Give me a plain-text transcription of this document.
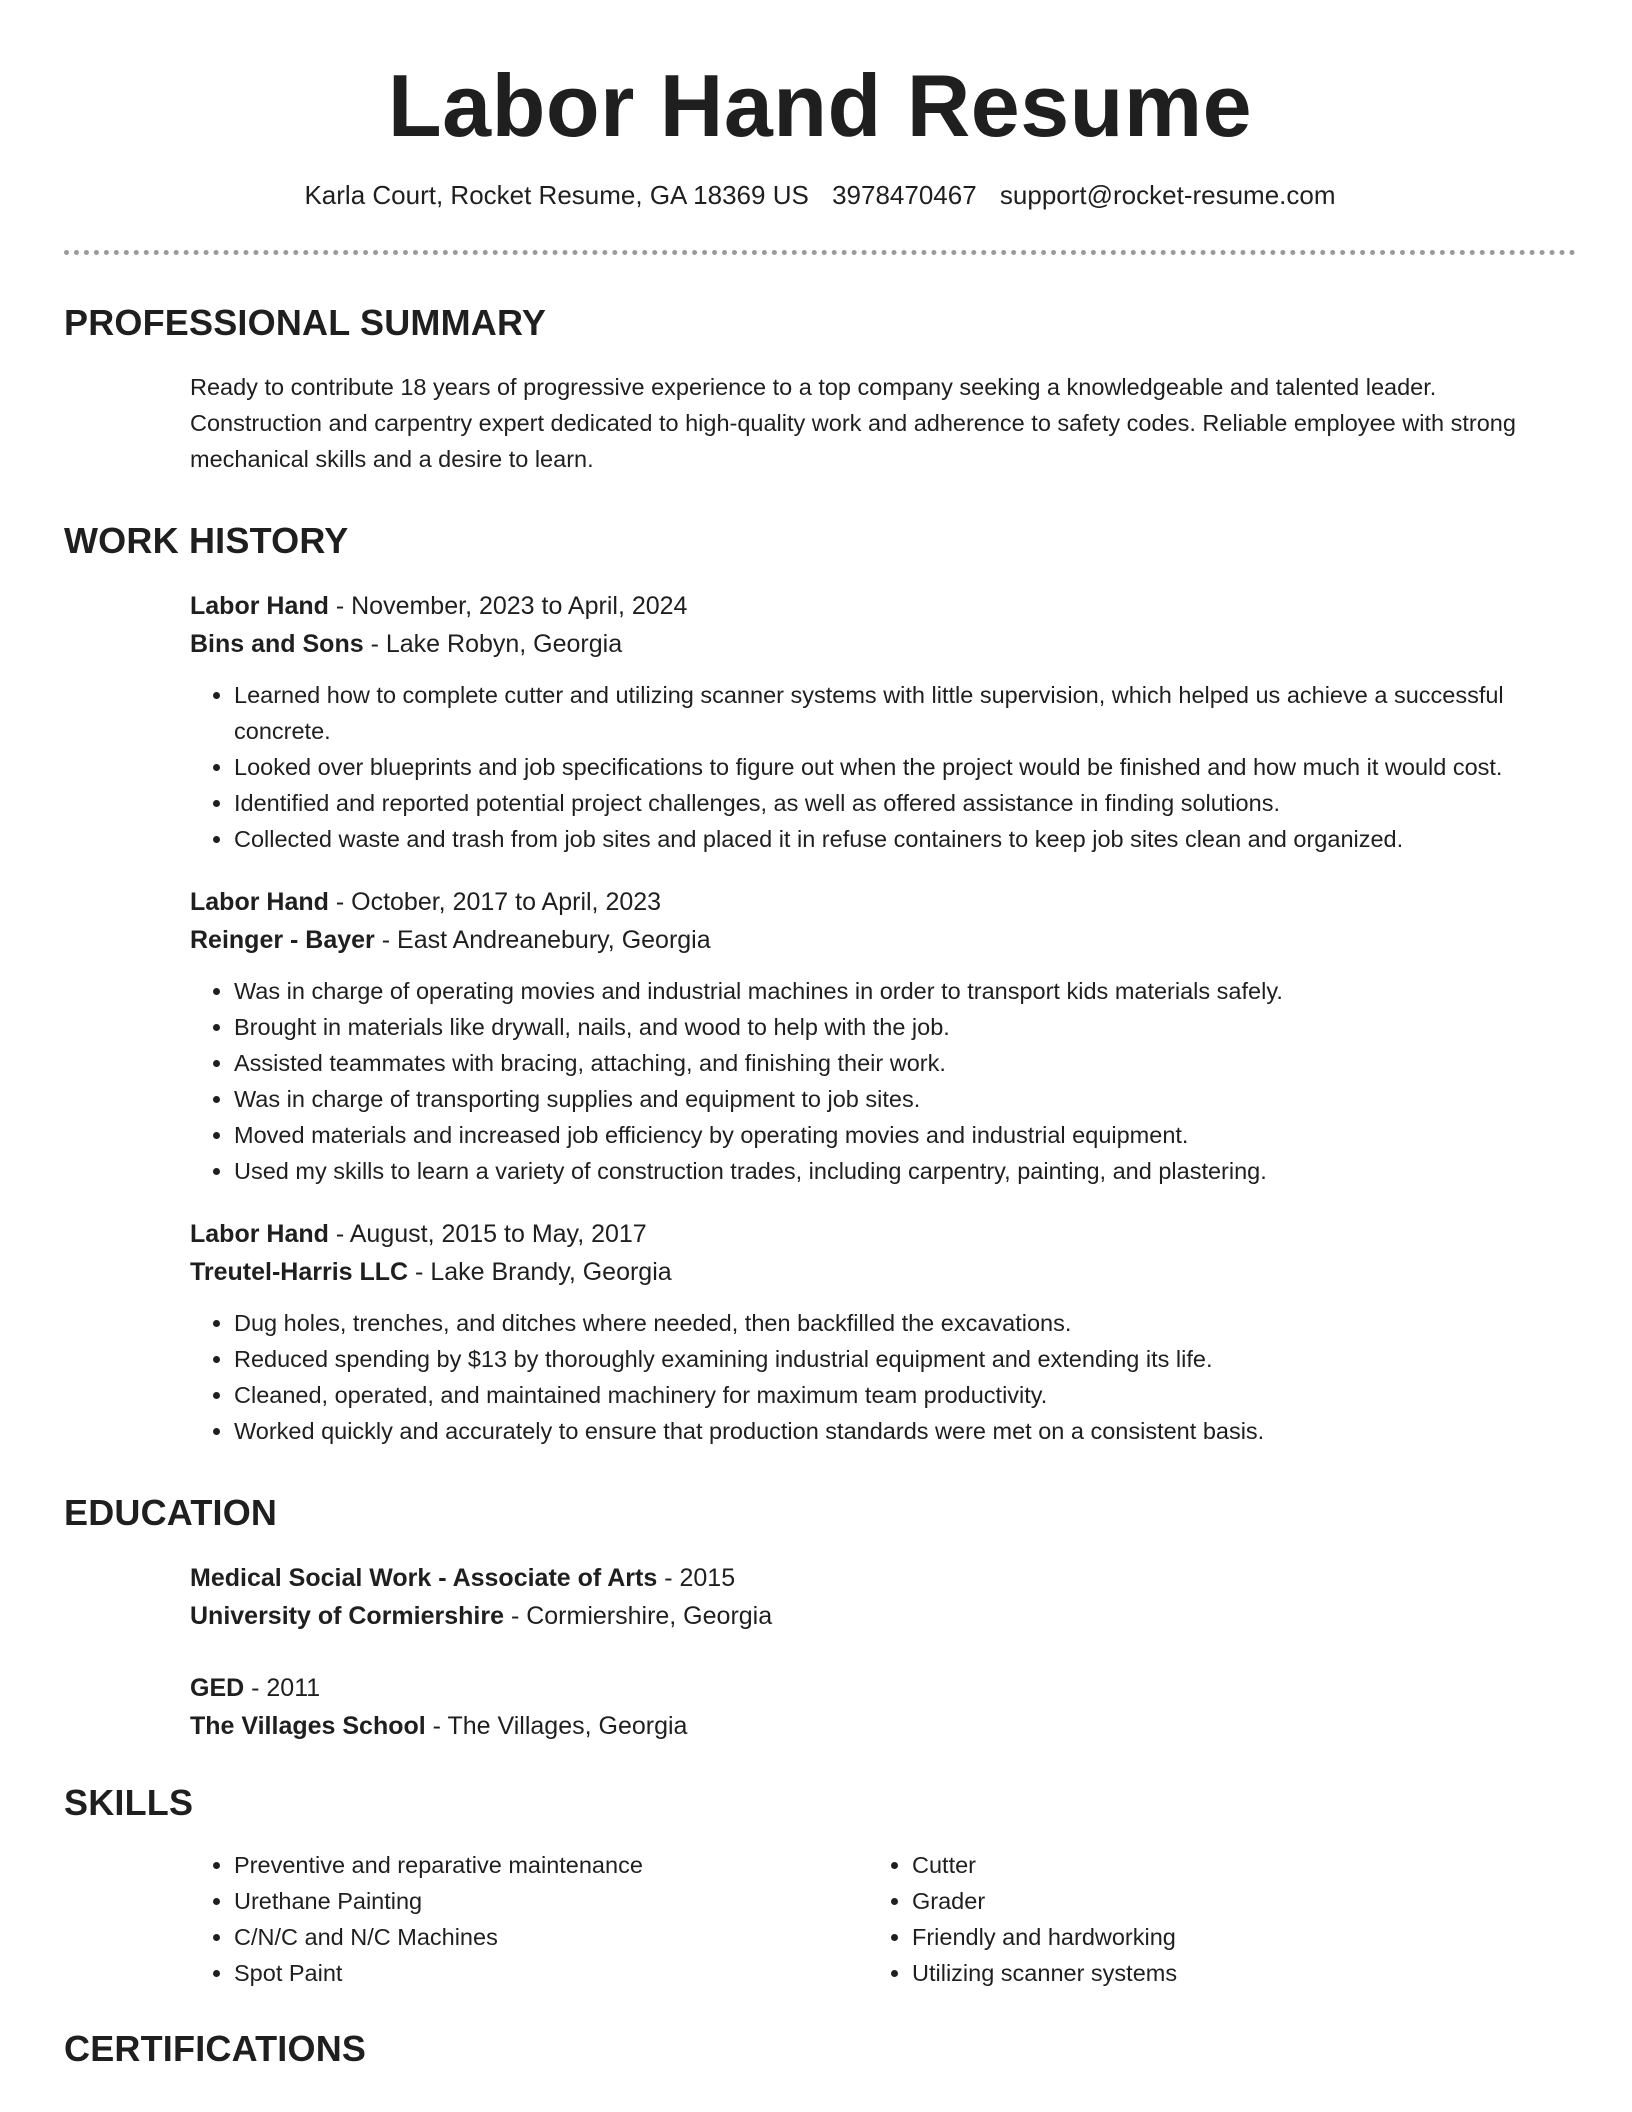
Labor Hand Resume
Karla Court, Rocket Resume, GA 18369 US 3978470467 support@rocket-resume.com
PROFESSIONAL SUMMARY
Ready to contribute 18 years of progressive experience to a top company seeking a knowledgeable and talented leader. Construction and carpentry expert dedicated to high-quality work and adherence to safety codes. Reliable employee with strong mechanical skills and a desire to learn.
WORK HISTORY
Labor Hand - November, 2023 to April, 2024
Bins and Sons - Lake Robyn, Georgia
• Learned how to complete cutter and utilizing scanner systems with little supervision, which helped us achieve a successful concrete.
• Looked over blueprints and job specifications to figure out when the project would be finished and how much it would cost.
• Identified and reported potential project challenges, as well as offered assistance in finding solutions.
• Collected waste and trash from job sites and placed it in refuse containers to keep job sites clean and organized.
Labor Hand - October, 2017 to April, 2023
Reinger - Bayer - East Andreanebury, Georgia
• Was in charge of operating movies and industrial machines in order to transport kids materials safely.
• Brought in materials like drywall, nails, and wood to help with the job.
• Assisted teammates with bracing, attaching, and finishing their work.
• Was in charge of transporting supplies and equipment to job sites.
• Moved materials and increased job efficiency by operating movies and industrial equipment.
• Used my skills to learn a variety of construction trades, including carpentry, painting, and plastering.
Labor Hand - August, 2015 to May, 2017
Treutel-Harris LLC - Lake Brandy, Georgia
• Dug holes, trenches, and ditches where needed, then backfilled the excavations.
• Reduced spending by $13 by thoroughly examining industrial equipment and extending its life.
• Cleaned, operated, and maintained machinery for maximum team productivity.
• Worked quickly and accurately to ensure that production standards were met on a consistent basis.
EDUCATION
Medical Social Work - Associate of Arts - 2015
University of Cormiershire - Cormiershire, Georgia
GED - 2011
The Villages School - The Villages, Georgia
SKILLS
• Preventive and reparative maintenance
• Urethane Painting
• C/N/C and N/C Machines
• Spot Paint
• Cutter
• Grader
• Friendly and hardworking
• Utilizing scanner systems
CERTIFICATIONS
